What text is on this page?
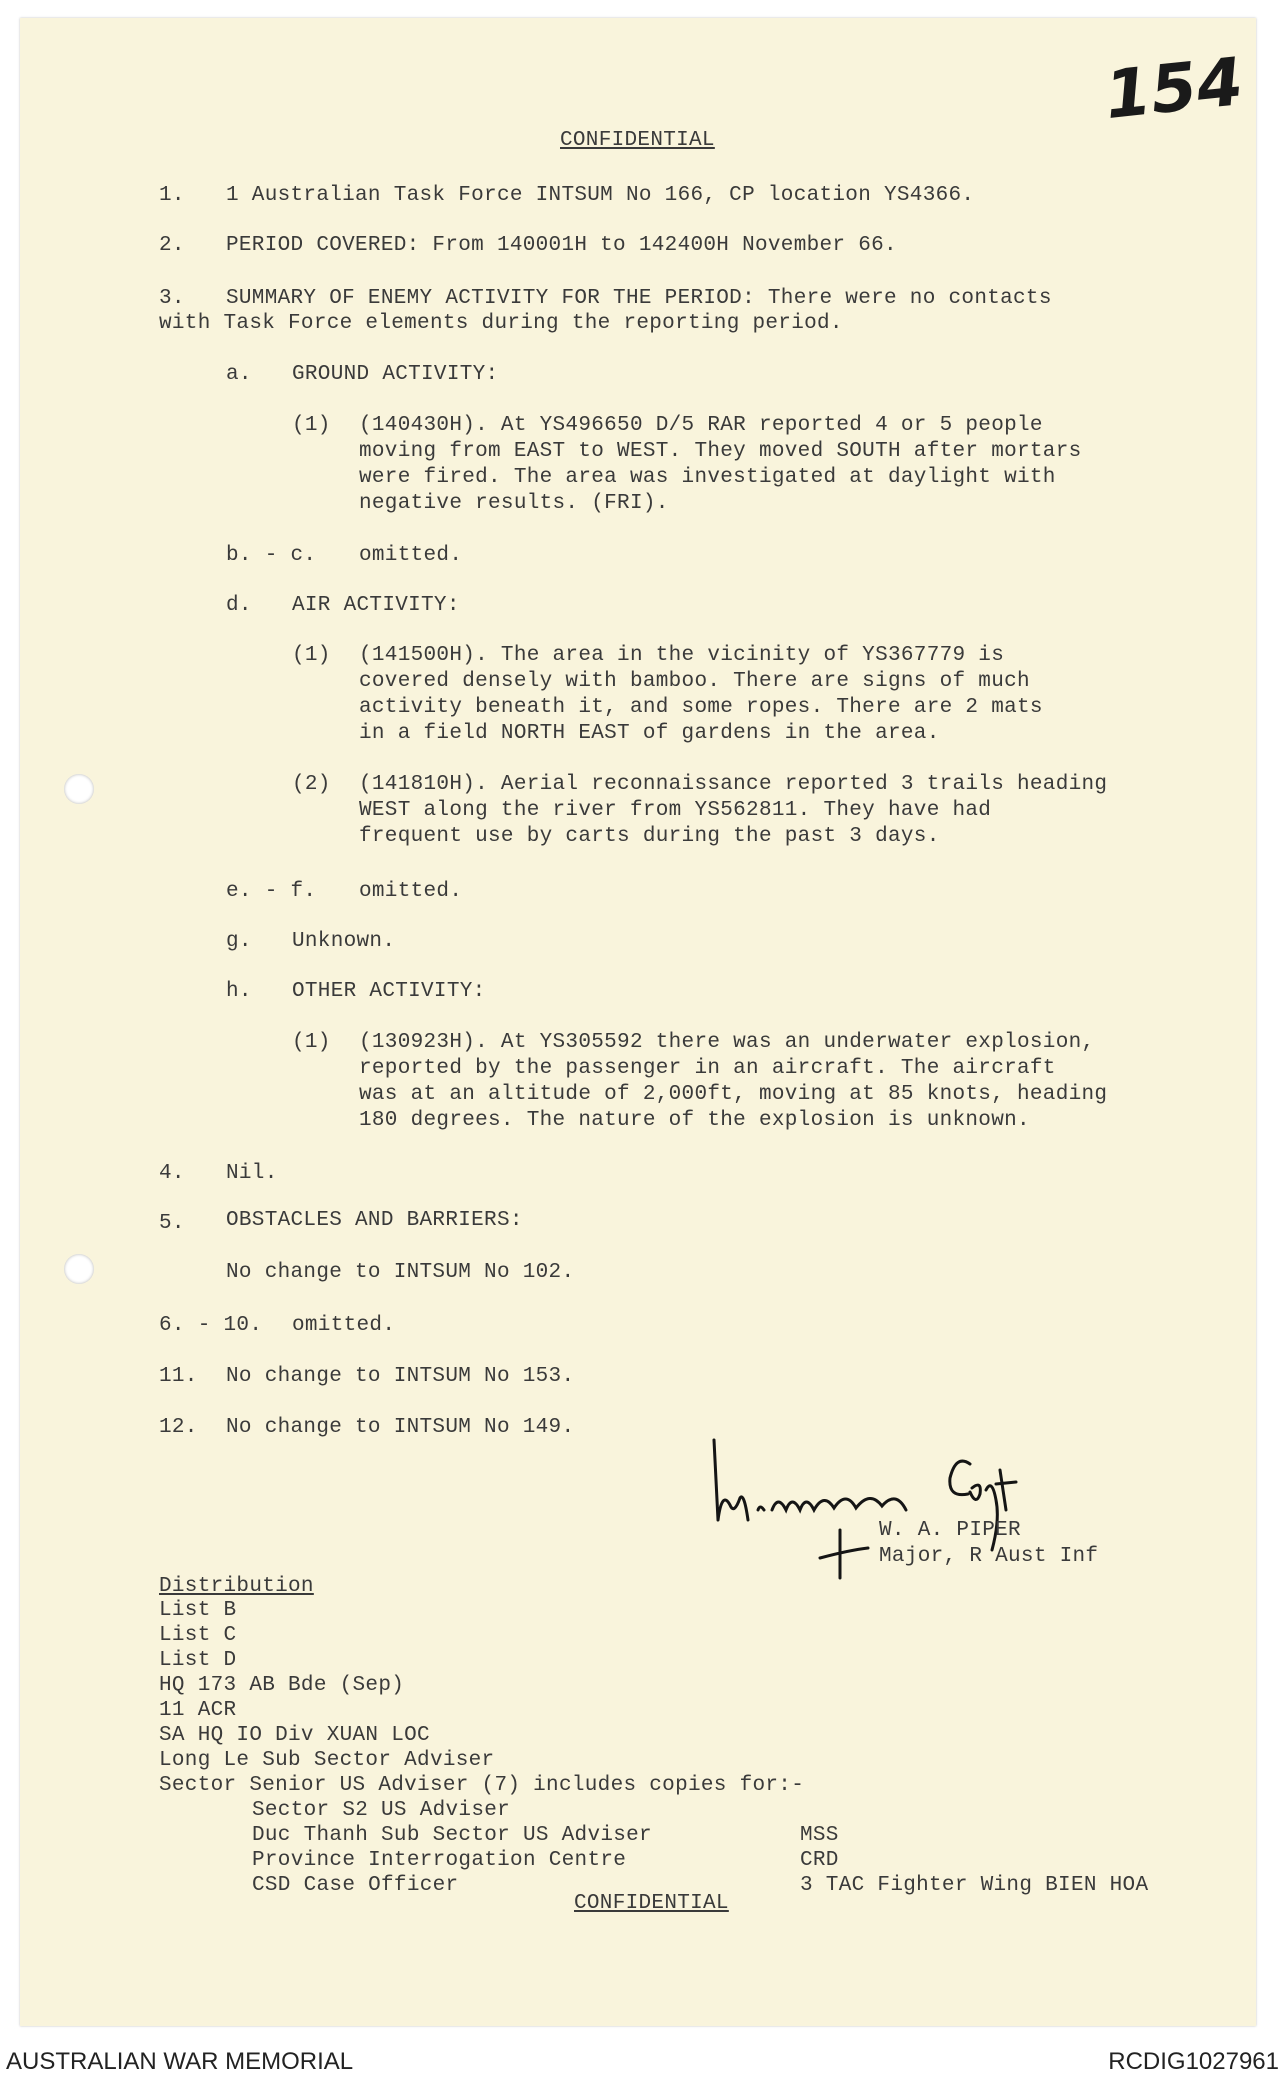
154
CONFIDENTIAL
1. 1 Australian Task Force INTSUM No 166, CP location YS4366.
2. PERIOD COVERED: From 140001H to 142400H November 66.
3. SUMMARY OF ENEMY ACTIVITY FOR THE PERIOD: There were no contacts
with Task Force elements during the reporting period.
a. GROUND ACTIVITY:
(1) (140430H). At YS496650 D/5 RAR reported 4 or 5 people
moving from EAST to WEST. They moved SOUTH after mortars
were fired. The area was investigated at daylight with
negative results. (FRI).
b. - c. omitted.
d. AIR ACTIVITY:
(1) (141500H). The area in the vicinity of YS367779 is
covered densely with bamboo. There are signs of much
activity beneath it, and some ropes. There are 2 mats
in a field NORTH EAST of gardens in the area.
(2) (141810H). Aerial reconnaissance reported 3 trails heading
WEST along the river from YS562811. They have had
frequent use by carts during the past 3 days.
e. - f. omitted.
g. Unknown.
h. OTHER ACTIVITY:
(1) (130923H). At YS305592 there was an underwater explosion,
reported by the passenger in an aircraft. The aircraft
was at an altitude of 2,000ft, moving at 85 knots, heading
180 degrees. The nature of the explosion is unknown.
4. Nil.
5. OBSTACLES AND BARRIERS:
No change to INTSUM No 102.
6. - 10. omitted.
11. No change to INTSUM No 153.
12. No change to INTSUM No 149.
W. A. PIPER
Major, R Aust Inf
Distribution
List B
List C
List D
HQ 173 AB Bde (Sep)
11 ACR
SA HQ IO Div XUAN LOC
Long Le Sub Sector Adviser
Sector Senior US Adviser (7) includes copies for:-
Sector S2 US Adviser
Duc Thanh Sub Sector US Adviser
Province Interrogation Centre
CSD Case Officer
MSS
CRD
3 TAC Fighter Wing BIEN HOA
CONFIDENTIAL
AUSTRALIAN WAR MEMORIAL	RCDIG1027961
